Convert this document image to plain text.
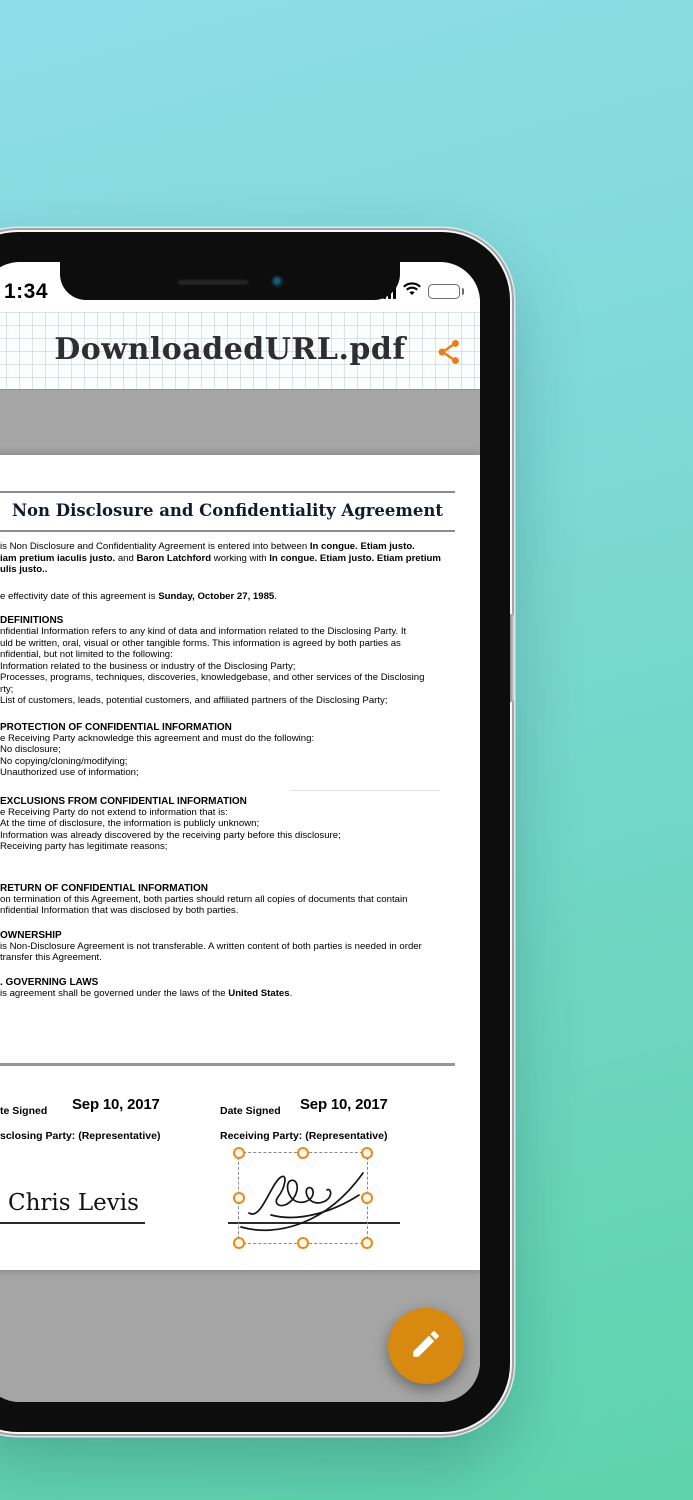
1:34
DownloadedURL.pdf
Non Disclosure and Confidentiality Agreement
is Non Disclosure and Confidentiality Agreement is entered into between In congue. Etiam justo.
iam pretium iaculis justo. and Baron Latchford working with In congue. Etiam justo. Etiam pretium
ulis justo..
e effectivity date of this agreement is Sunday, October 27, 1985.
DEFINITIONS
nfidential Information refers to any kind of data and information related to the Disclosing Party. It
uld be written, oral, visual or other tangible forms. This information is agreed by both parties as
nfidential, but not limited to the following:
Information related to the business or industry of the Disclosing Party;
Processes, programs, techniques, discoveries, knowledgebase, and other services of the Disclosing
rty;
List of customers, leads, potential customers, and affiliated partners of the Disclosing Party;
PROTECTION OF CONFIDENTIAL INFORMATION
e Receiving Party acknowledge this agreement and must do the following:
No disclosure;
No copying/cloning/modifying;
Unauthorized use of information;
EXCLUSIONS FROM CONFIDENTIAL INFORMATION
e Receiving Party do not extend to information that is:
At the time of disclosure, the information is publicly unknown;
Information was already discovered by the receiving party before this disclosure;
Receiving party has legitimate reasons;
RETURN OF CONFIDENTIAL INFORMATION
on termination of this Agreement, both parties should return all copies of documents that contain
nfidential Information that was disclosed by both parties.
OWNERSHIP
is Non-Disclosure Agreement is not transferable. A written content of both parties is needed in order
transfer this Agreement.
. GOVERNING LAWS
is agreement shall be governed under the laws of the United States.
te Signed Sep 10, 2017	Date Signed Sep 10, 2017
sclosing Party: (Representative)	Receiving Party: (Representative)
Chris Levis
